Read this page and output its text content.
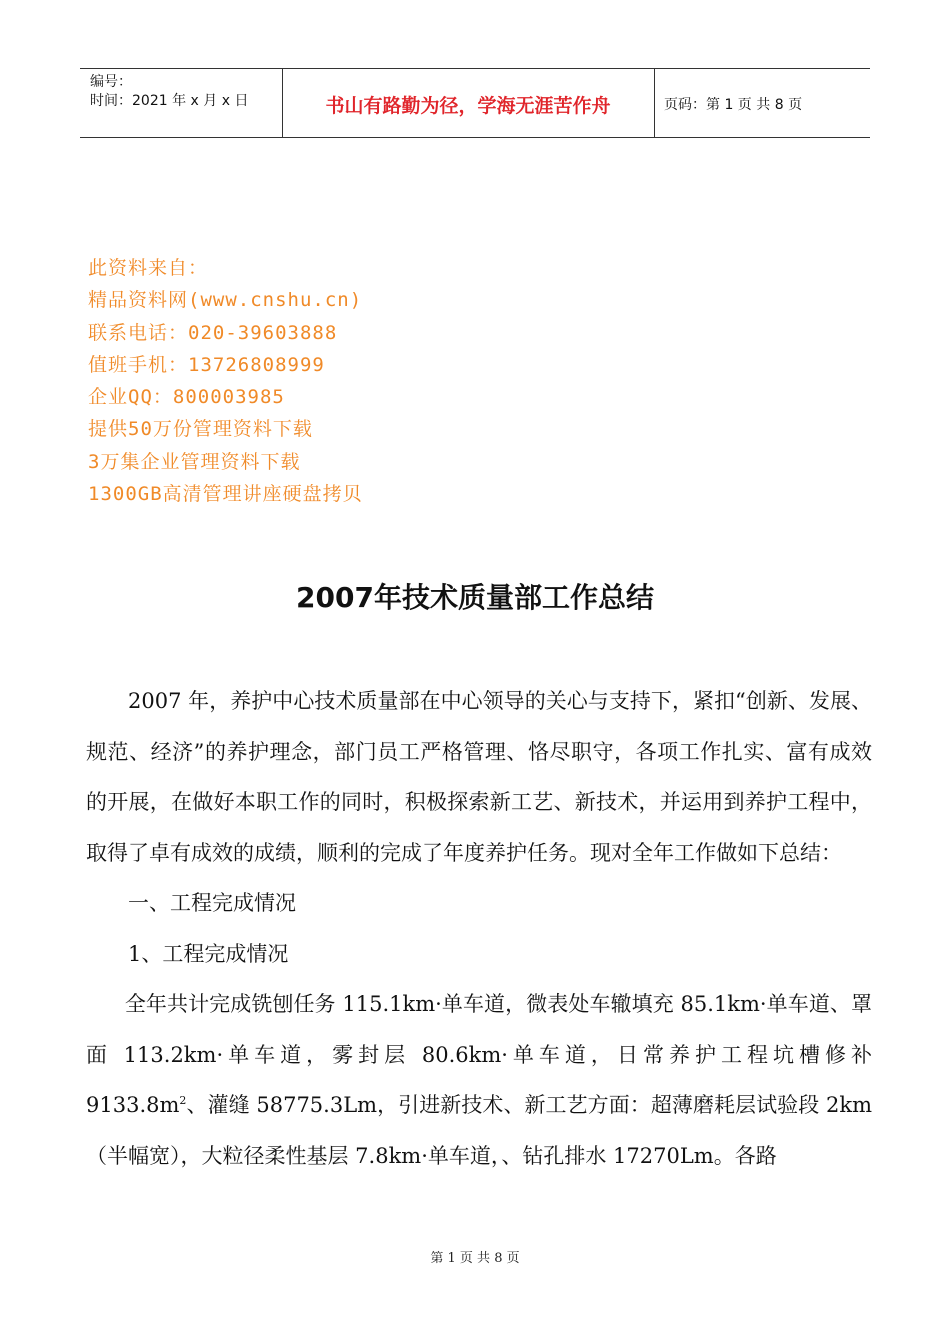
编号：
时间：2021 年 x 月 x 日	书山有路勤为径，学海无涯苦作舟	页码：第 1 页 共 8 页
此资料来自：
精品资料网(www.cnshu.cn)
联系电话：020-39603888
值班手机：13726808999
企业QQ：800003985
提供50万份管理资料下载
3万集企业管理资料下载
1300GB高清管理讲座硬盘拷贝
2007年技术质量部工作总结

2007 年，养护中心技术质量部在中心领导的关心与支持下，紧扣“创新、发展、规范、经济”的养护理念，部门员工严格管理、恪尽职守，各项工作扎实、富有成效的开展，在做好本职工作的同时，积极探索新工艺、新技术，并运用到养护工程中，取得了卓有成效的成绩，顺利的完成了年度养护任务。现对全年工作做如下总结：

一、工程完成情况

1、工程完成情况

全年共计完成铣刨任务 115.1km·单车道，微表处车辙填充 85.1km·单车道、罩面 113.2km·单车道，雾封层 80.6km·单车道，日常养护工程坑槽修补 $9133.8m^2$、灌缝 58775.3Lm，引进新技术、新工艺方面：超薄磨耗层试验段 2km（半幅宽），大粒径柔性基层 7.8km·单车道，、钻孔排水 17270Lm。各路

第 1 页 共 8 页
